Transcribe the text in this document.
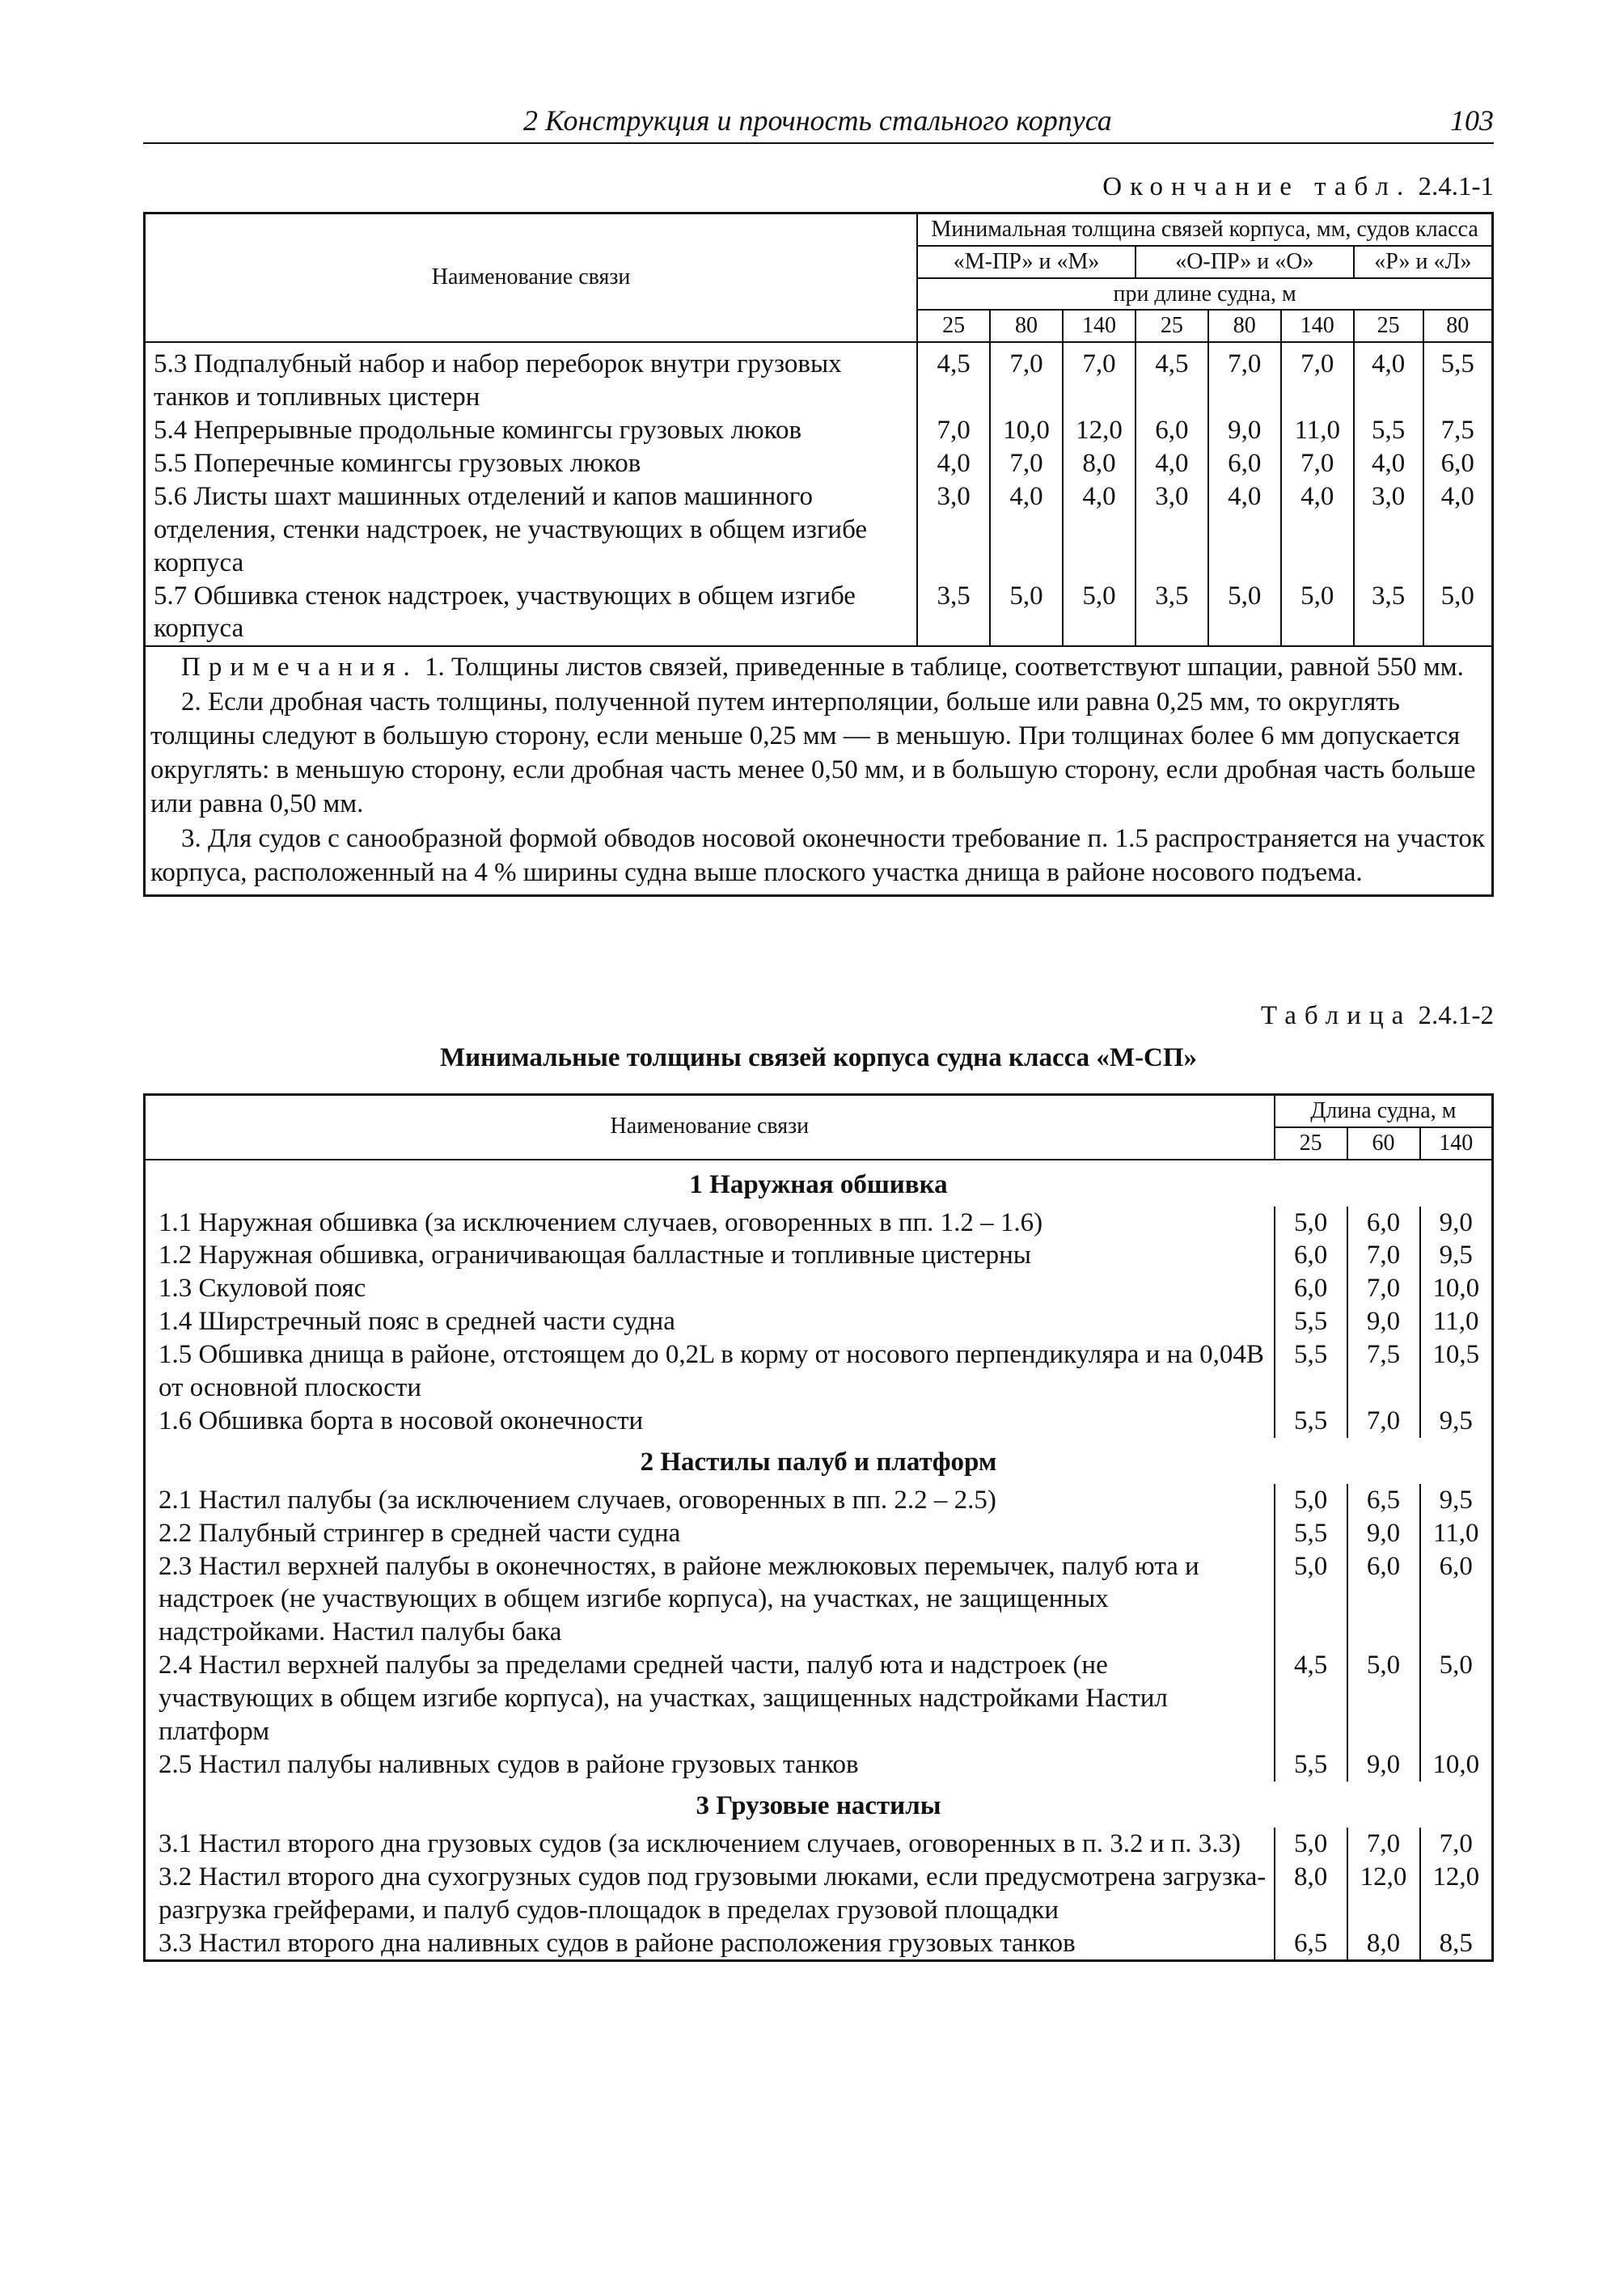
2 Конструкция и прочность стального корпуса	103
Окончание табл. 2.4.1-1
Наименование связи	Минимальная толщина связей корпуса, мм, судов класса							
	«М-ПР» и «М»			«О-ПР» и «О»			«Р» и «Л»	
	при длине судна, м							
	25	80	140	25	80	140	25	80
5.3 Подпалубный набор и набор переборок внутри грузовых танков и топливных цистерн	4,5	7,0	7,0	4,5	7,0	7,0	4,0	5,5
5.4 Непрерывные продольные комингсы грузовых люков	7,0	10,0	12,0	6,0	9,0	11,0	5,5	7,5
5.5 Поперечные комингсы грузовых люков	4,0	7,0	8,0	4,0	6,0	7,0	4,0	6,0
5.6 Листы шахт машинных отделений и капов машинного отделения, стенки надстроек, не участвующих в общем изгибе корпуса	3,0	4,0	4,0	3,0	4,0	4,0	3,0	4,0
5.7 Обшивка стенок надстроек, участвующих в общем изгибе корпуса	3,5	5,0	5,0	3,5	5,0	5,0	3,5	5,0

Примечания. 1. Толщины листов связей, приведенные в таблице, соответствуют шпации, равной 550 мм.

2. Если дробная часть толщины, полученной путем интерполяции, больше или равна 0,25 мм, то округлять толщины следуют в большую сторону, если меньше 0,25 мм — в меньшую. При толщинах более 6 мм допускается округлять: в меньшую сторону, если дробная часть менее 0,50 мм, и в большую сторону, если дробная часть больше или равна 0,50 мм.

3. Для судов с санообразной формой обводов носовой оконечности требование п. 1.5 распространяется на участок корпуса, расположенный на 4 % ширины судна выше плоского участка днища в районе носового подъема.								

Таблица 2.4.1-2
Минимальные толщины связей корпуса судна класса «М-СП»
Наименование связи	Длина судна, м		
	25	60	140
1 Наружная обшивка			
1.1 Наружная обшивка (за исключением случаев, оговоренных в пп. 1.2 – 1.6)	5,0	6,0	9,0
1.2 Наружная обшивка, ограничивающая балластные и топливные цистерны	6,0	7,0	9,5
1.3 Скуловой пояс	6,0	7,0	10,0
1.4 Ширстречный пояс в средней части судна	5,5	9,0	11,0
1.5 Обшивка днища в районе, отстоящем до 0,2L в корму от носового перпендикуляра и на 0,04B от основной плоскости	5,5	7,5	10,5
1.6 Обшивка борта в носовой оконечности	5,5	7,0	9,5
2 Настилы палуб и платформ			
2.1 Настил палубы (за исключением случаев, оговоренных в пп. 2.2 – 2.5)	5,0	6,5	9,5
2.2 Палубный стрингер в средней части судна	5,5	9,0	11,0
2.3 Настил верхней палубы в оконечностях, в районе межлюковых перемычек, палуб юта и надстроек (не участвующих в общем изгибе корпуса), на участках, не защищенных надстройками. Настил палубы бака	5,0	6,0	6,0
2.4 Настил верхней палубы за пределами средней части, палуб юта и надстроек (не участвующих в общем изгибе корпуса), на участках, защищенных надстройками Настил платформ	4,5	5,0	5,0
2.5 Настил палубы наливных судов в районе грузовых танков	5,5	9,0	10,0
3 Грузовые настилы			
3.1 Настил второго дна грузовых судов (за исключением случаев, оговоренных в п. 3.2 и п. 3.3)	5,0	7,0	7,0
3.2 Настил второго дна сухогрузных судов под грузовыми люками, если предусмотрена загрузка-разгрузка грейферами, и палуб судов-площадок в пределах грузовой площадки	8,0	12,0	12,0
3.3 Настил второго дна наливных судов в районе расположения грузовых танков	6,5	8,0	8,5
